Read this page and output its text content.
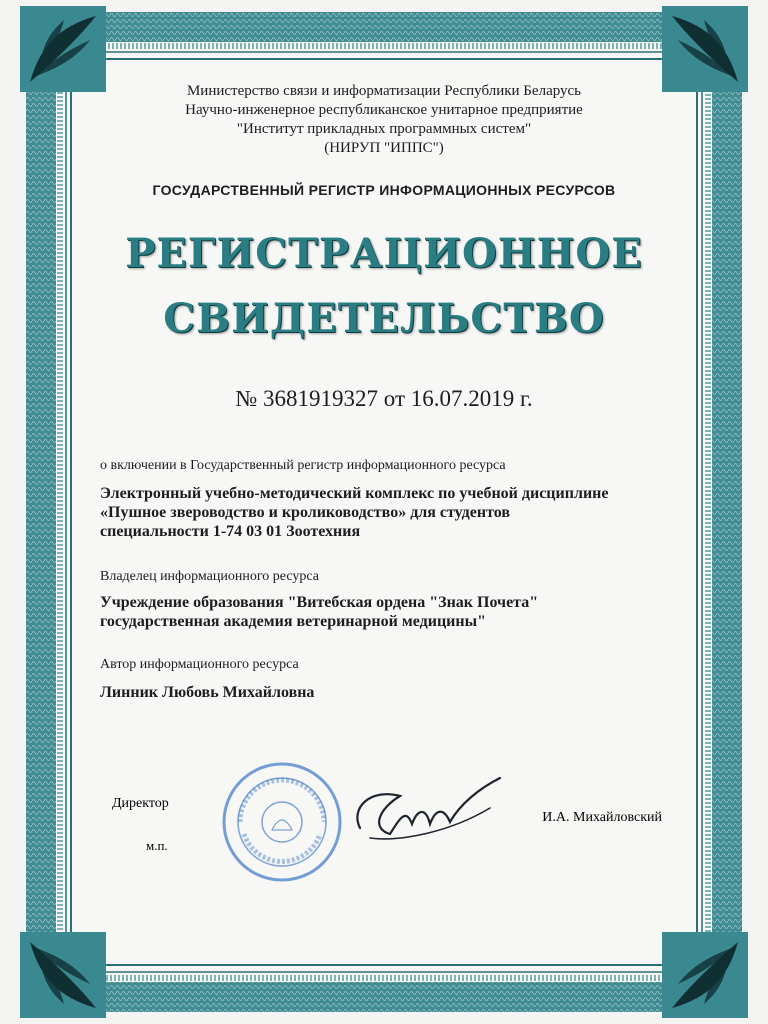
Министерство связи и информатизации Республики Беларусь
Научно-инженерное республиканское унитарное предприятие
"Институт прикладных программных систем"
(НИРУП "ИППС")
ГОСУДАРСТВЕННЫЙ РЕГИСТР ИНФОРМАЦИОННЫХ РЕСУРСОВ
РЕГИСТРАЦИОННОЕ
СВИДЕТЕЛЬСТВО
№ 3681919327 от 16.07.2019 г.
о включении в Государственный регистр информационного ресурса
Электронный учебно-методический комплекс по учебной дисциплине
«Пушное звероводство и кролиководство» для студентов
специальности 1-74 03 01 Зоотехния
Владелец информационного ресурса
Учреждение образования "Витебская ордена "Знак Почета"
государственная академия ветеринарной медицины"
Автор информационного ресурса
Линник Любовь Михайловна
Директор
м.п.
И.А. Михайловский
